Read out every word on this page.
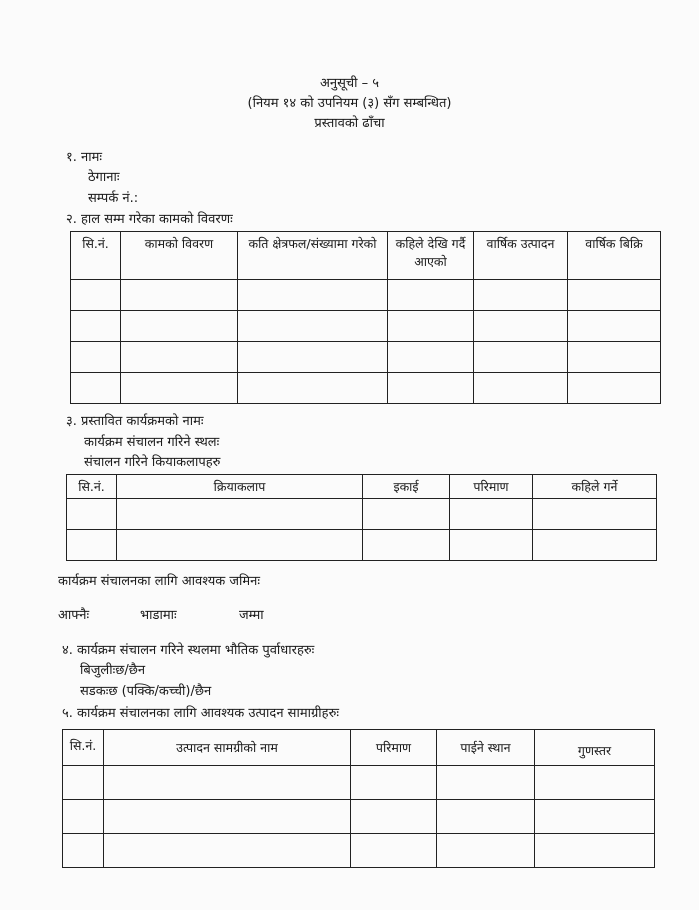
अनुसूची – ५
(नियम १४ को उपनियम (३) सँग सम्बन्धित)
प्रस्तावको ढाँचा
१. नामः
ठेगानाः
सम्पर्क नं.:
२. हाल सम्म गरेका कामको विवरणः
सि.नं.	कामको विवरण	कति क्षेत्रफल/संख्यामा गरेको	कहिले देखि गर्दै आएको	वार्षिक उत्पादन	वार्षिक बिक्रि

३. प्रस्तावित कार्यक्रमको नामः
कार्यक्रम संचालन गरिने स्थलः
संचालन गरिने कियाकलापहरु
सि.नं.	क्रियाकलाप	इकाई	परिमाण	कहिले गर्ने

कार्यक्रम संचालनका लागि आवश्यक जमिनः
आफ्नैः	भाडामाः	जम्मा
४. कार्यक्रम संचालन गरिने स्थलमा भौतिक पुर्वाधारहरुः
बिजुलीःछ/छैन
सडकःछ (पक्कि/कच्ची)/छैन
५. कार्यक्रम संचालनका लागि आवश्यक उत्पादन सामाग्रीहरुः
सि.नं.	उत्पादन सामग्रीको नाम	परिमाण	पाईने स्थान	गुणस्तर
